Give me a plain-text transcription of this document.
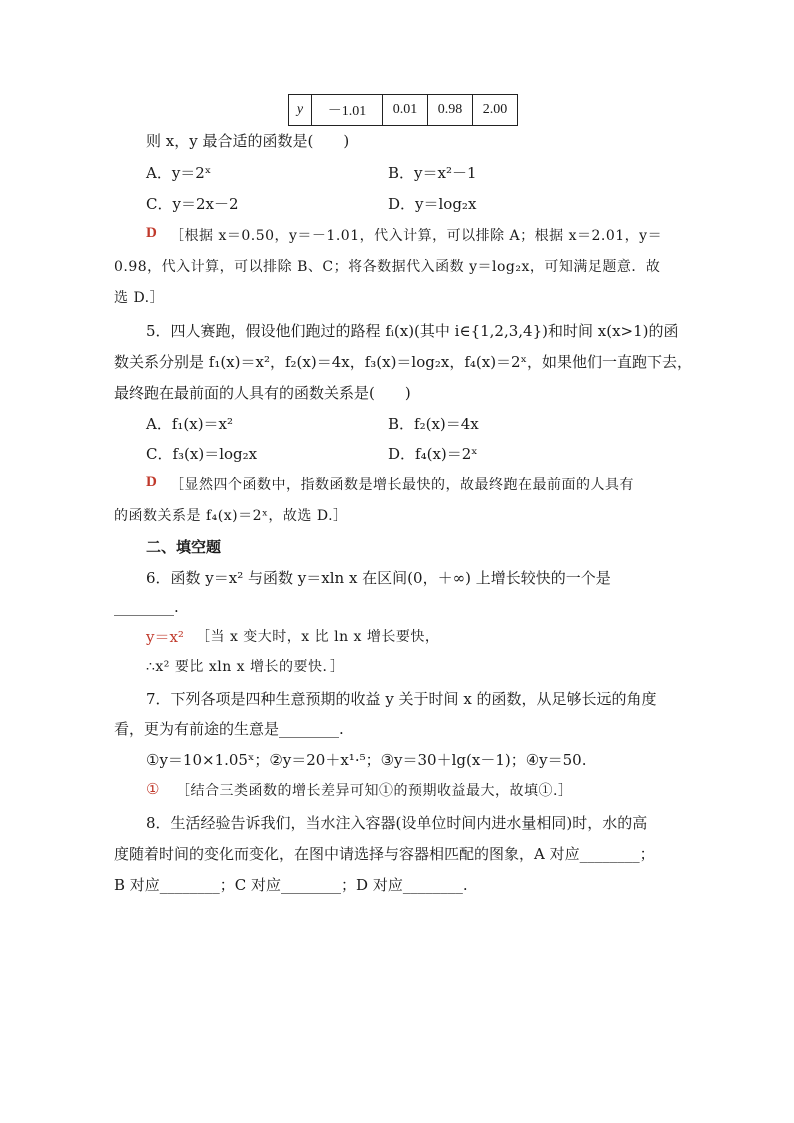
y	－1.01	0.01	0.98	2.00
则 x，y 最合适的函数是(　　)
A．y＝2ˣ	B．y＝x²－1
C．y＝2x－2	D．y＝log₂x
D ［根据 x＝0.50，y＝－1.01，代入计算，可以排除 A；根据 x＝2.01，y＝
0.98，代入计算，可以排除 B、C；将各数据代入函数 y＝log₂x，可知满足题意．故
选 D.］
5．四人赛跑，假设他们跑过的路程 fᵢ(x)(其中 i∈{1,2,3,4})和时间 x(x>1)的函
数关系分别是 f₁(x)＝x²，f₂(x)＝4x，f₃(x)＝log₂x，f₄(x)＝2ˣ，如果他们一直跑下去，
最终跑在最前面的人具有的函数关系是(　　)
A．f₁(x)＝x²	B．f₂(x)＝4x
C．f₃(x)＝log₂x	D．f₄(x)＝2ˣ
D ［显然四个函数中，指数函数是增长最快的，故最终跑在最前面的人具有
的函数关系是 f₄(x)＝2ˣ，故选 D.］
二、填空题
6．函数 y＝x² 与函数 y＝xln x 在区间(0，＋∞) 上增长较快的一个是
________.
y＝x² ［当 x 变大时，x 比 ln x 增长要快，
∴x² 要比 xln x 增长的要快．］
7．下列各项是四种生意预期的收益 y 关于时间 x 的函数，从足够长远的角度
看，更为有前途的生意是________.
①y＝10×1.05ˣ；②y＝20＋x¹·⁵；③y＝30＋lg(x－1)；④y＝50.
① ［结合三类函数的增长差异可知①的预期收益最大，故填①.］
8．生活经验告诉我们，当水注入容器(设单位时间内进水量相同)时，水的高
度随着时间的变化而变化，在图中请选择与容器相匹配的图象，A 对应________；
B 对应________；C 对应________；D 对应________.
